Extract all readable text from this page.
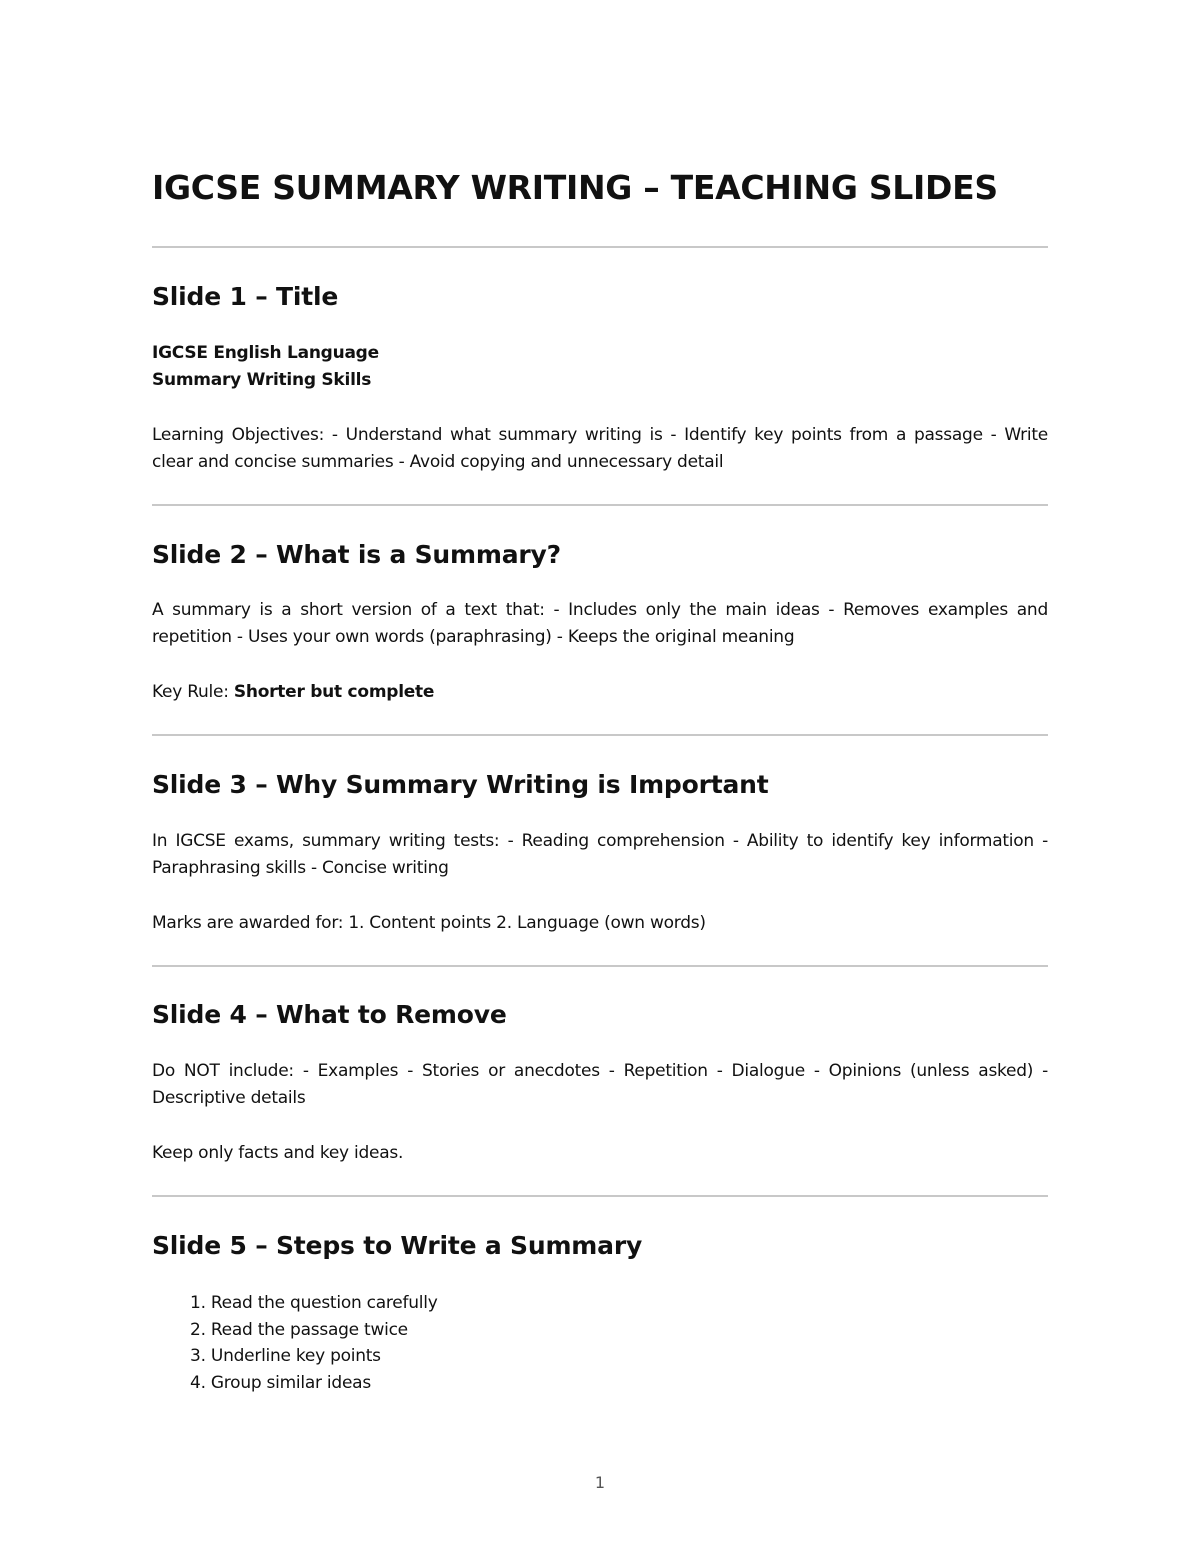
IGCSE SUMMARY WRITING – TEACHING SLIDES
Slide 1 – Title

IGCSE English Language
Summary Writing Skills

Learning Objectives: - Understand what summary writing is - Identify key points from a passage - Write clear and concise summaries - Avoid copying and unnecessary detail

Slide 2 – What is a Summary?

A summary is a short version of a text that: - Includes only the main ideas - Removes examples and repetition - Uses your own words (paraphrasing) - Keeps the original meaning

Key Rule: Shorter but complete

Slide 3 – Why Summary Writing is Important

In IGCSE exams, summary writing tests: - Reading comprehension - Ability to identify key information - Paraphrasing skills - Concise writing

Marks are awarded for: 1. Content points 2. Language (own words)

Slide 4 – What to Remove

Do NOT include: - Examples - Stories or anecdotes - Repetition - Dialogue - Opinions (unless asked) - Descriptive details

Keep only facts and key ideas.

Slide 5 – Steps to Write a Summary
1. Read the question carefully
2. Read the passage twice
3. Underline key points
4. Group similar ideas
1
